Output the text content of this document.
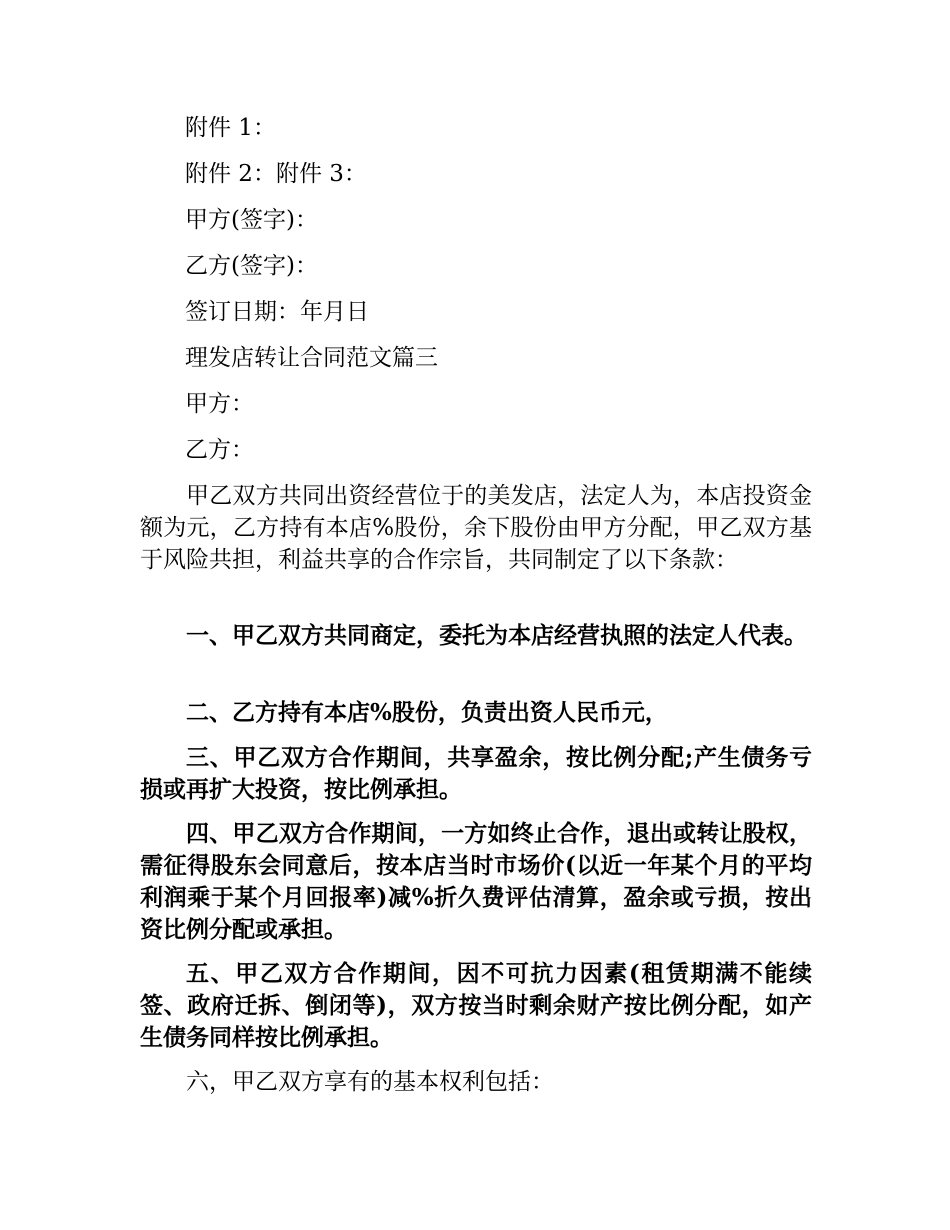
附件 1：
附件 2：附件 3：
甲方(签字)：
乙方(签字)：
签订日期：年月日
理发店转让合同范文篇三
甲方：
乙方：
甲乙双方共同出资经营位于的美发店，法定人为，本店投资金额为元，乙方持有本店%股份，余下股份由甲方分配，甲乙双方基于风险共担，利益共享的合作宗旨，共同制定了以下条款：
一、甲乙双方共同商定，委托为本店经营执照的法定人代表。
二、乙方持有本店%股份，负责出资人民币元，
三、甲乙双方合作期间，共享盈余，按比例分配;产生债务亏损或再扩大投资，按比例承担。
四、甲乙双方合作期间，一方如终止合作，退出或转让股权，需征得股东会同意后，按本店当时市场价(以近一年某个月的平均利润乘于某个月回报率)减%折久费评估清算，盈余或亏损，按出资比例分配或承担。
五、甲乙双方合作期间，因不可抗力因素(租赁期满不能续签、政府迁拆、倒闭等)，双方按当时剩余财产按比例分配，如产生债务同样按比例承担。
六，甲乙双方享有的基本权利包括：
